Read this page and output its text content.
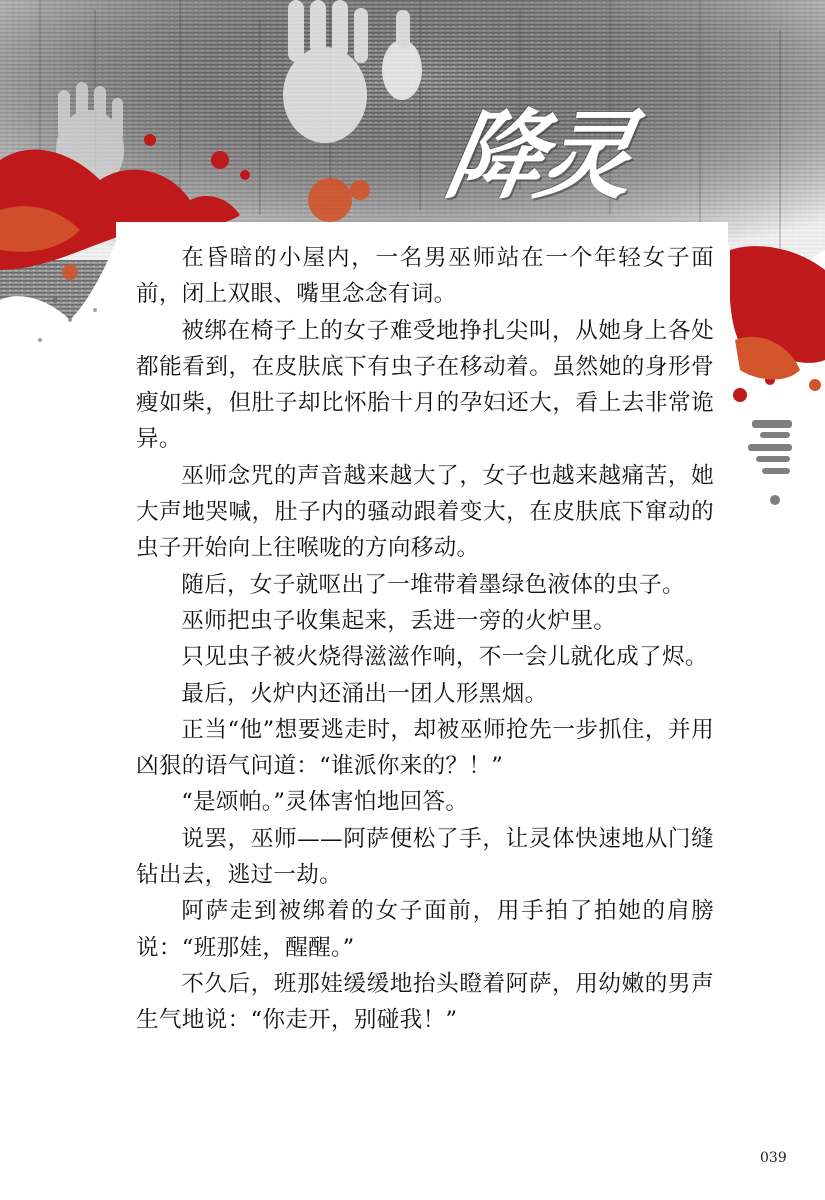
降灵

在昏暗的小屋内，一名男巫师站在一个年轻女子面前，闭上双眼、嘴里念念有词。

被绑在椅子上的女子难受地挣扎尖叫，从她身上各处都能看到，在皮肤底下有虫子在移动着。虽然她的身形骨瘦如柴，但肚子却比怀胎十月的孕妇还大，看上去非常诡异。

巫师念咒的声音越来越大了，女子也越来越痛苦，她大声地哭喊，肚子内的骚动跟着变大，在皮肤底下窜动的虫子开始向上往喉咙的方向移动。

随后，女子就呕出了一堆带着墨绿色液体的虫子。

巫师把虫子收集起来，丢进一旁的火炉里。

只见虫子被火烧得滋滋作响，不一会儿就化成了烬。

最后，火炉内还涌出一团人形黑烟。

正当“他”想要逃走时，却被巫师抢先一步抓住，并用凶狠的语气问道：“谁派你来的？！”

“是颂帕。”灵体害怕地回答。

说罢，巫师——阿萨便松了手，让灵体快速地从门缝钻出去，逃过一劫。

阿萨走到被绑着的女子面前，用手拍了拍她的肩膀说：“班那娃，醒醒。”

不久后，班那娃缓缓地抬头瞪着阿萨，用幼嫩的男声生气地说：“你走开，别碰我！”

039
